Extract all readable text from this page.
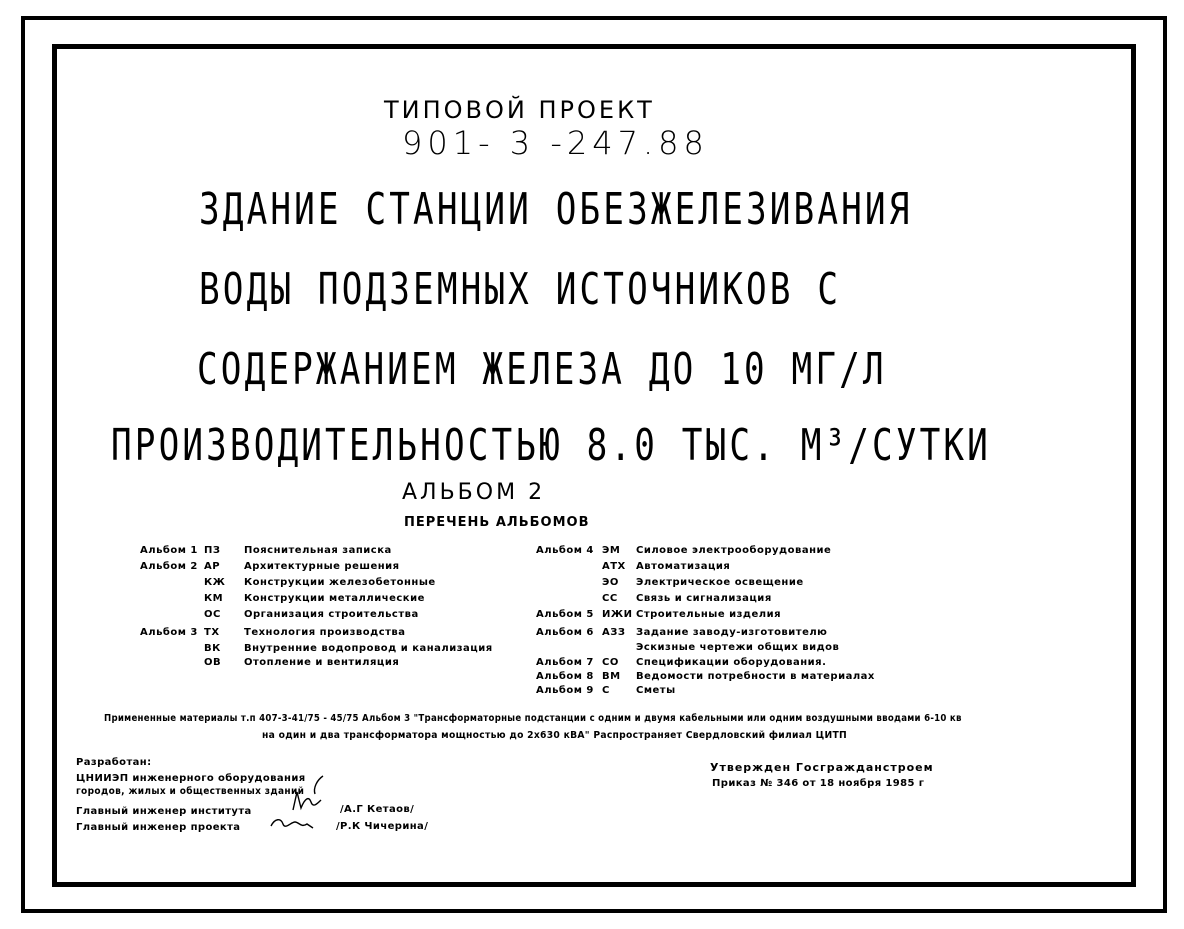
ТИПОВОЙ ПРОЕКТ
901- 3 -247.88
ЗДАНИЕ СТАНЦИИ ОБЕЗЖЕЛЕЗИВАНИЯ
ВОДЫ ПОДЗЕМНЫХ ИСТОЧНИКОВ С
СОДЕРЖАНИЕМ ЖЕЛЕЗА ДО 10 МГ/Л
ПРОИЗВОДИТЕЛЬНОСТЬЮ 8.0 ТЫС. М³/СУТКИ
АЛЬБОМ 2
ПЕРЕЧЕНЬ АЛЬБОМОВ
Альбом 1 ПЗ Пояснительная записка
Альбом 2 АР Архитектурные решения
КЖ Конструкции железобетонные
КМ Конструкции металлические
ОС Организация строительства
Альбом 3 ТХ Технология производства
ВК Внутренние водопровод и канализация
ОВ Отопление и вентиляция
Альбом 4 ЭМ Силовое электрооборудование
АТХ Автоматизация
ЭО Электрическое освещение
СС Связь и сигнализация
Альбом 5 ИЖИ Строительные изделия
Альбом 6 АЗЗ Задание заводу-изготовителю
Эскизные чертежи общих видов
Альбом 7 СО Спецификации оборудования.
Альбом 8 ВМ Ведомости потребности в материалах
Альбом 9 С	Сметы
Примененные материалы т.п 407-3-41/75 - 45/75 Альбом 3 "Трансформаторные подстанции с одним и двумя кабельными или одним воздушными вводами 6-10 кв
на один и два трансформатора мощностью до 2х630 кВА" Распространяет Свердловский филиал ЦИТП
Разработан:
ЦНИИЭП инженерного оборудования
городов, жилых и общественных зданий
Главный инженер института
Главный инженер проекта
/А.Г Кетаов/
/Р.К Чичерина/
Утвержден Госгражданстроем
Приказ № 346 от 18 ноября 1985 г
